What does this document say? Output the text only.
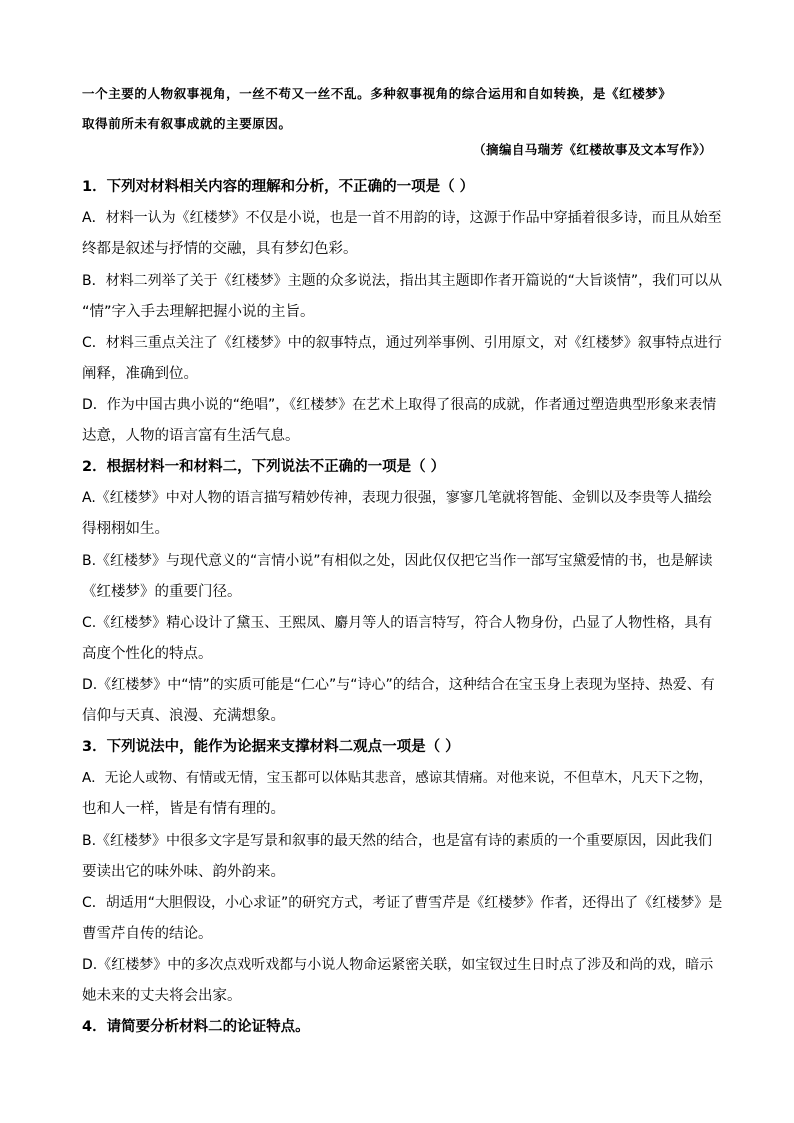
一个主要的人物叙事视角，一丝不苟又一丝不乱。多种叙事视角的综合运用和自如转换，是《红楼梦》
取得前所未有叙事成就的主要原因。
（摘编自马瑞芳《红楼故事及文本写作》）
1．下列对材料相关内容的理解和分析，不正确的一项是（ ）
A．材料一认为《红楼梦》不仅是小说，也是一首不用韵的诗，这源于作品中穿插着很多诗，而且从始至
终都是叙述与抒情的交融，具有梦幻色彩。
B．材料二列举了关于《红楼梦》主题的众多说法，指出其主题即作者开篇说的“大旨谈情”，我们可以从
“情”字入手去理解把握小说的主旨。
C．材料三重点关注了《红楼梦》中的叙事特点，通过列举事例、引用原文，对《红楼梦》叙事特点进行
阐释，准确到位。
D．作为中国古典小说的“绝唱”，《红楼梦》在艺术上取得了很高的成就，作者通过塑造典型形象来表情
达意，人物的语言富有生活气息。
2．根据材料一和材料二，下列说法不正确的一项是（ ）
A.《红楼梦》中对人物的语言描写精妙传神，表现力很强，寥寥几笔就将智能、金钏以及李贵等人描绘
得栩栩如生。
B.《红楼梦》与现代意义的“言情小说”有相似之处，因此仅仅把它当作一部写宝黛爱情的书，也是解读
《红楼梦》的重要门径。
C.《红楼梦》精心设计了黛玉、王熙凤、麝月等人的语言特写，符合人物身份，凸显了人物性格，具有
高度个性化的特点。
D.《红楼梦》中“情”的实质可能是“仁心”与“诗心”的结合，这种结合在宝玉身上表现为坚持、热爱、有
信仰与天真、浪漫、充满想象。
3．下列说法中，能作为论据来支撑材料二观点一项是（ ）
A．无论人或物、有情或无情，宝玉都可以体贴其悲音，感谅其情痛。对他来说，不但草木，凡天下之物，
也和人一样，皆是有情有理的。
B.《红楼梦》中很多文字是写景和叙事的最天然的结合，也是富有诗的素质的一个重要原因，因此我们
要读出它的味外味、韵外韵来。
C．胡适用“大胆假设，小心求证”的研究方式，考证了曹雪芹是《红楼梦》作者，还得出了《红楼梦》是
曹雪芹自传的结论。
D.《红楼梦》中的多次点戏听戏都与小说人物命运紧密关联，如宝钗过生日时点了涉及和尚的戏，暗示
她未来的丈夫将会出家。
4．请简要分析材料二的论证特点。
